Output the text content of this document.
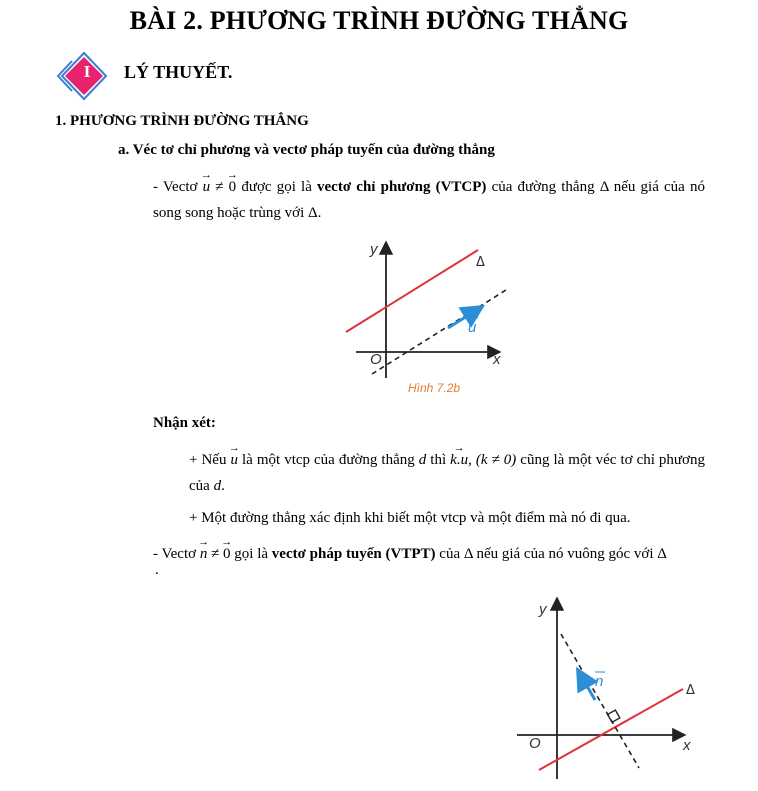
BÀI 2. PHƯƠNG TRÌNH ĐƯỜNG THẲNG
I	LÝ THUYẾT.
1. PHƯƠNG TRÌNH ĐƯỜNG THẲNG
a. Véc tơ chỉ phương và vectơ pháp tuyến của đường thẳng
- Vectơ → u ≠ → 0 được gọi là vectơ chỉ phương (VTCP) của đường thẳng Δ nếu giá của nó song song hoặc trùng với Δ.
y
x
O
Δ
u
Hình 7.2b
Nhận xét:
+ Nếu → u là một vtcp của đường thẳng d thì → k.u, (k ≠ 0) cũng là một véc tơ chỉ phương của d.
+ Một đường thẳng xác định khi biết một vtcp và một điểm mà nó đi qua.
- Vectơ → n ≠ → 0 gọi là vectơ pháp tuyến (VTPT) của Δ nếu giá của nó vuông góc với Δ
.
y
x
O
Δ
n
